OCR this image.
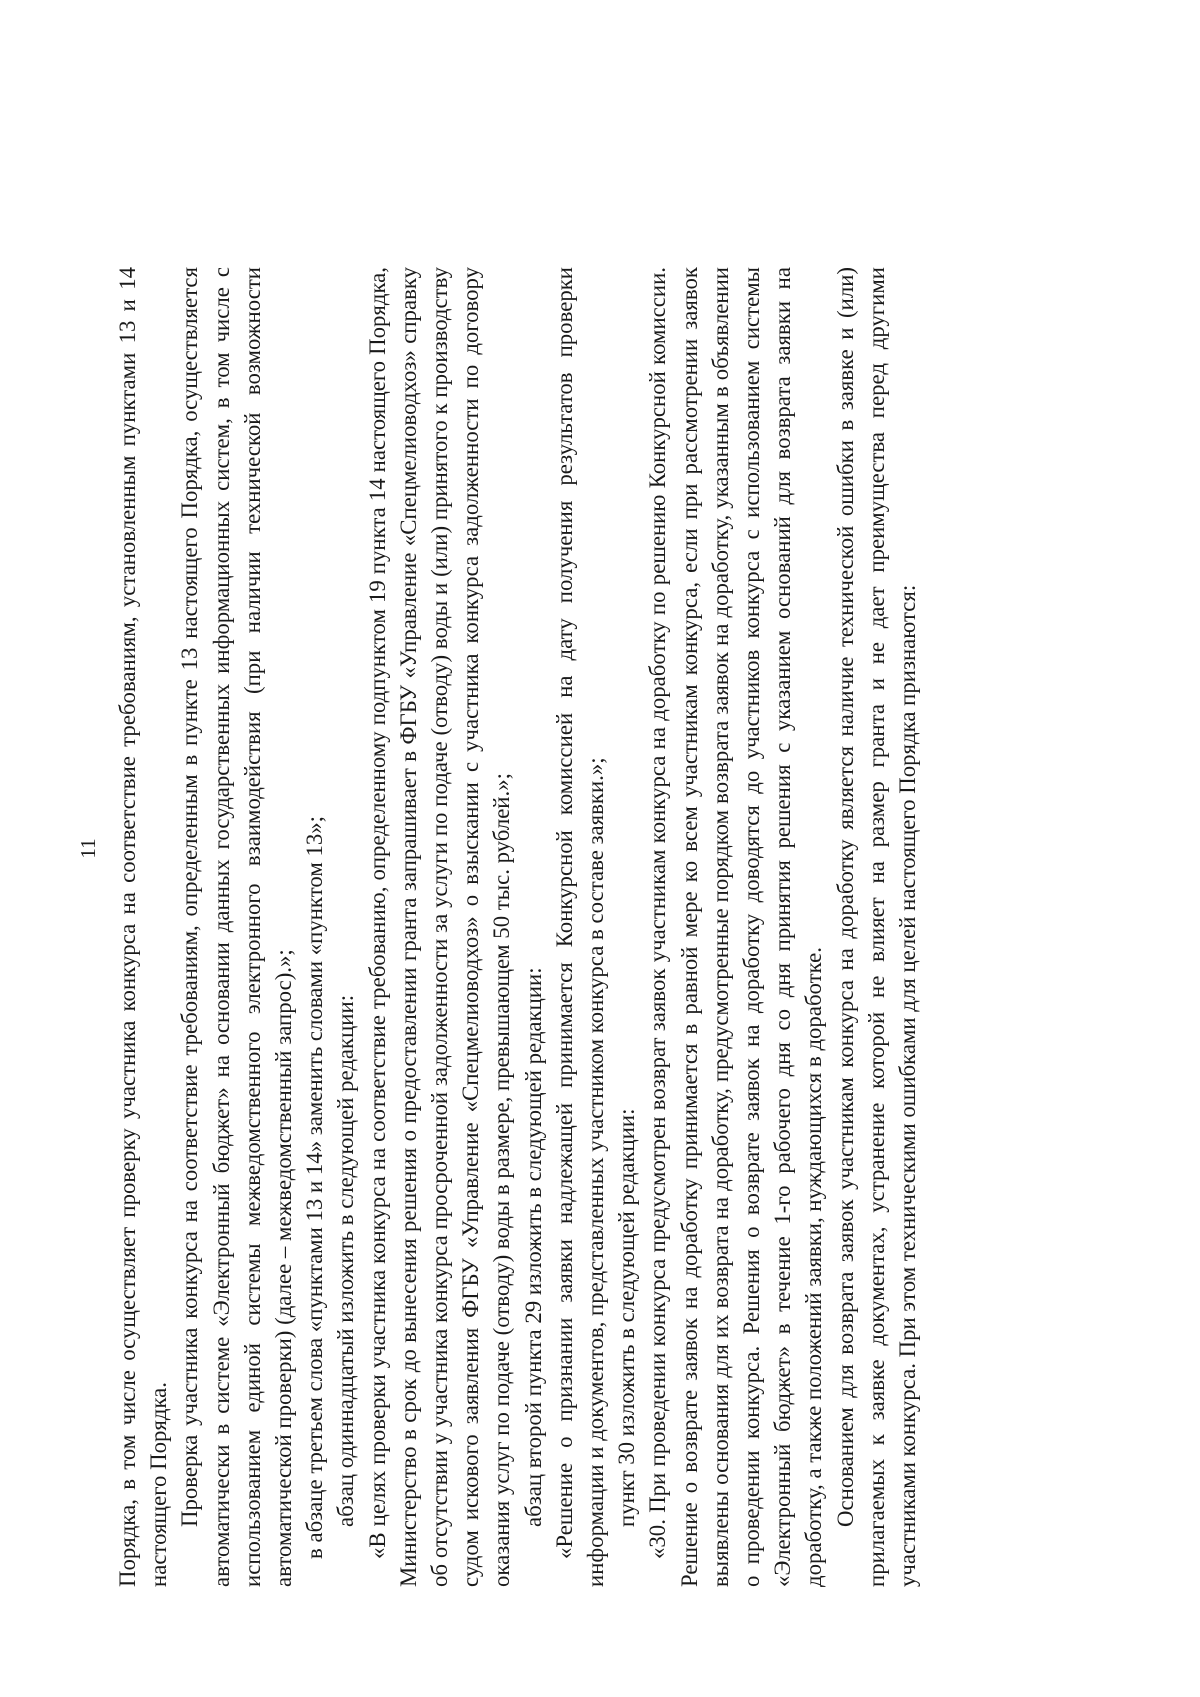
11 Порядка, в том числе осуществляет проверку участника конкурса на соответствие требованиям, установленным пунктами 13 и 14 настоящего Порядка. Проверка участника конкурса на соответствие требованиям, определенным в пункте 13 настоящего Порядка, осуществляется автоматически в системе «Электронный бюджет» на основании данных государственных информационных систем, в том числе с использованием единой системы межведомственного электронного взаимодействия (при наличии технической возможности автоматической проверки) (далее – межведомственный запрос).»; в абзаце третьем слова «пунктами 13 и 14» заменить словами «пунктом 13»; абзац одиннадцатый изложить в следующей редакции: «В целях проверки участника конкурса на соответствие требованию, определенному подпунктом 19 пункта 14 настоящего Порядка, Министерство в срок до вынесения решения о предоставлении гранта запрашивает в ФГБУ «Управление «Спецмелиоводхоз» справку об отсутствии у участника конкурса просроченной задолженности за услуги по подаче (отводу) воды и (или) принятого к производству судом искового заявления ФГБУ «Управление «Спецмелиоводхоз» о взыскании с участника конкурса задолженности по договору оказания услуг по подаче (отводу) воды в размере, превышающем 50 тыс. рублей.»; абзац второй пункта 29 изложить в следующей редакции: «Решение о признании заявки надлежащей принимается Конкурсной комиссией на дату получения результатов проверки информации и документов, представленных участником конкурса в составе заявки.»; пункт 30 изложить в следующей редакции: «30. При проведении конкурса предусмотрен возврат заявок участникам конкурса на доработку по решению Конкурсной комиссии. Решение о возврате заявок на доработку принимается в равной мере ко всем участникам конкурса, если при рассмотрении заявок выявлены основания для их возврата на доработку, предусмотренные порядком возврата заявок на доработку, указанным в объявлении о проведении конкурса. Решения о возврате заявок на доработку доводятся до участников конкурса с использованием системы «Электронный бюджет» в течение 1-го рабочего дня со дня принятия решения с указанием оснований для возврата заявки на доработку, а также положений заявки, нуждающихся в доработке. Основанием для возврата заявок участникам конкурса на доработку является наличие технической ошибки в заявке и (или) прилагаемых к заявке документах, устранение которой не влияет на размер гранта и не дает преимущества перед другими участниками конкурса. При этом техническими ошибками для целей настоящего Порядка признаются:
